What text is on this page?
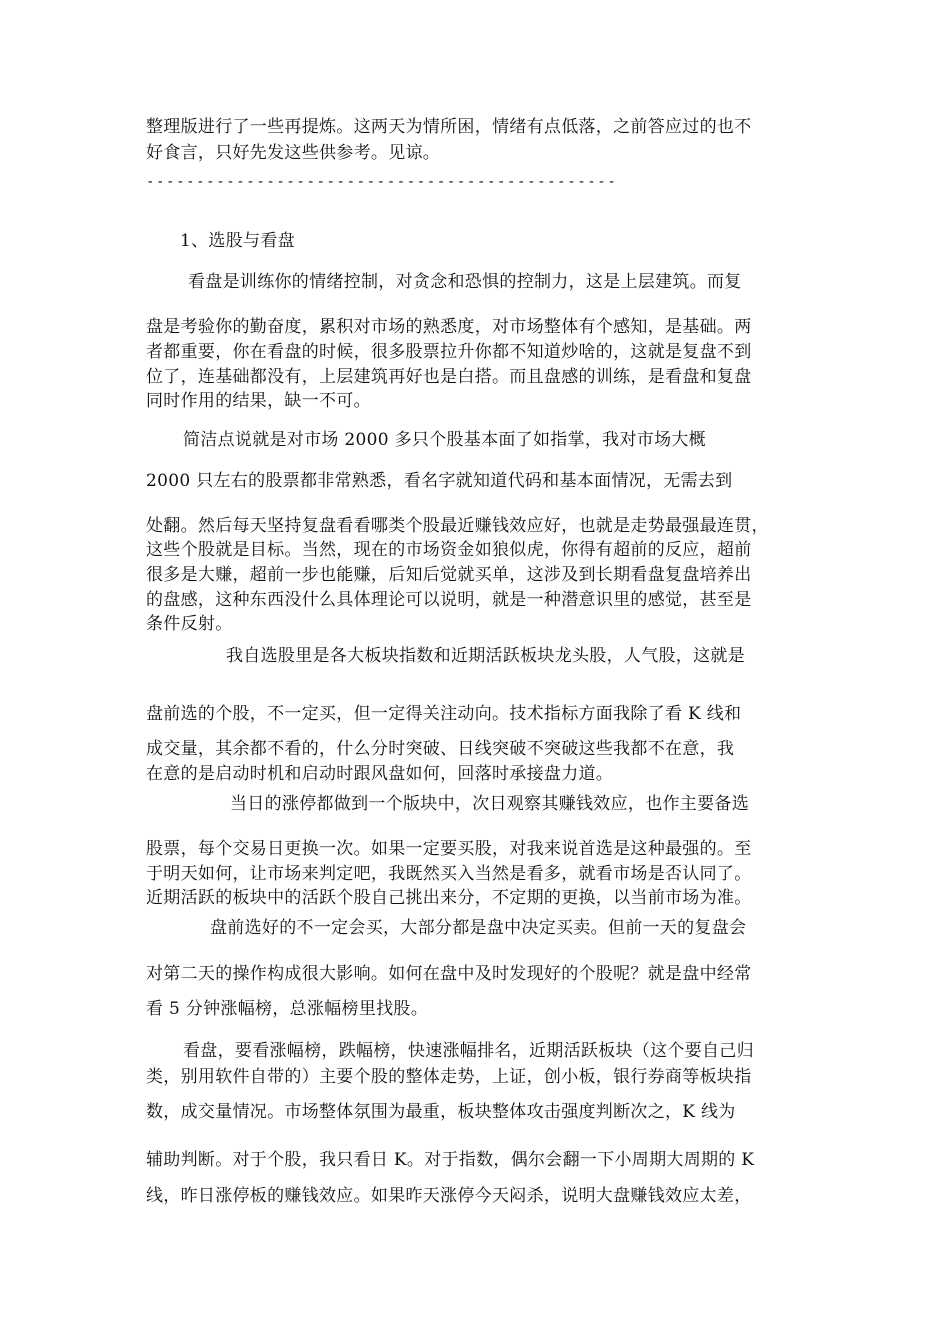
整理版进行了一些再提炼。这两天为情所困，情绪有点低落，之前答应过的也不
好食言，只好先发这些供参考。见谅。
-----------------------------------------------
1、选股与看盘
看盘是训练你的情绪控制，对贪念和恐惧的控制力，这是上层建筑。而复
盘是考验你的勤奋度，累积对市场的熟悉度，对市场整体有个感知，是基础。两
者都重要，你在看盘的时候，很多股票拉升你都不知道炒啥的，这就是复盘不到
位了，连基础都没有，上层建筑再好也是白搭。而且盘感的训练，是看盘和复盘
同时作用的结果，缺一不可。
简洁点说就是对市场 2000 多只个股基本面了如指掌，我对市场大概
2000 只左右的股票都非常熟悉，看名字就知道代码和基本面情况，无需去到
处翻。然后每天坚持复盘看看哪类个股最近赚钱效应好，也就是走势最强最连贯，
这些个股就是目标。当然，现在的市场资金如狼似虎，你得有超前的反应，超前
很多是大赚，超前一步也能赚，后知后觉就买单，这涉及到长期看盘复盘培养出
的盘感，这种东西没什么具体理论可以说明，就是一种潜意识里的感觉，甚至是
条件反射。
我自选股里是各大板块指数和近期活跃板块龙头股，人气股，这就是
盘前选的个股，不一定买，但一定得关注动向。技术指标方面我除了看 K 线和
成交量，其余都不看的，什么分时突破、日线突破不突破这些我都不在意，我
在意的是启动时机和启动时跟风盘如何，回落时承接盘力道。
当日的涨停都做到一个版块中，次日观察其赚钱效应，也作主要备选
股票，每个交易日更换一次。如果一定要买股，对我来说首选是这种最强的。至
于明天如何，让市场来判定吧，我既然买入当然是看多，就看市场是否认同了。
近期活跃的板块中的活跃个股自己挑出来分，不定期的更换，以当前市场为准。
盘前选好的不一定会买，大部分都是盘中决定买卖。但前一天的复盘会
对第二天的操作构成很大影响。如何在盘中及时发现好的个股呢？就是盘中经常
看 5 分钟涨幅榜，总涨幅榜里找股。
看盘，要看涨幅榜，跌幅榜，快速涨幅排名，近期活跃板块（这个要自己归
类，别用软件自带的）主要个股的整体走势，上证，创小板，银行券商等板块指
数，成交量情况。市场整体氛围为最重，板块整体攻击强度判断次之，K 线为
辅助判断。对于个股，我只看日 K。对于指数，偶尔会翻一下小周期大周期的 K
线，昨日涨停板的赚钱效应。如果昨天涨停今天闷杀，说明大盘赚钱效应太差，
